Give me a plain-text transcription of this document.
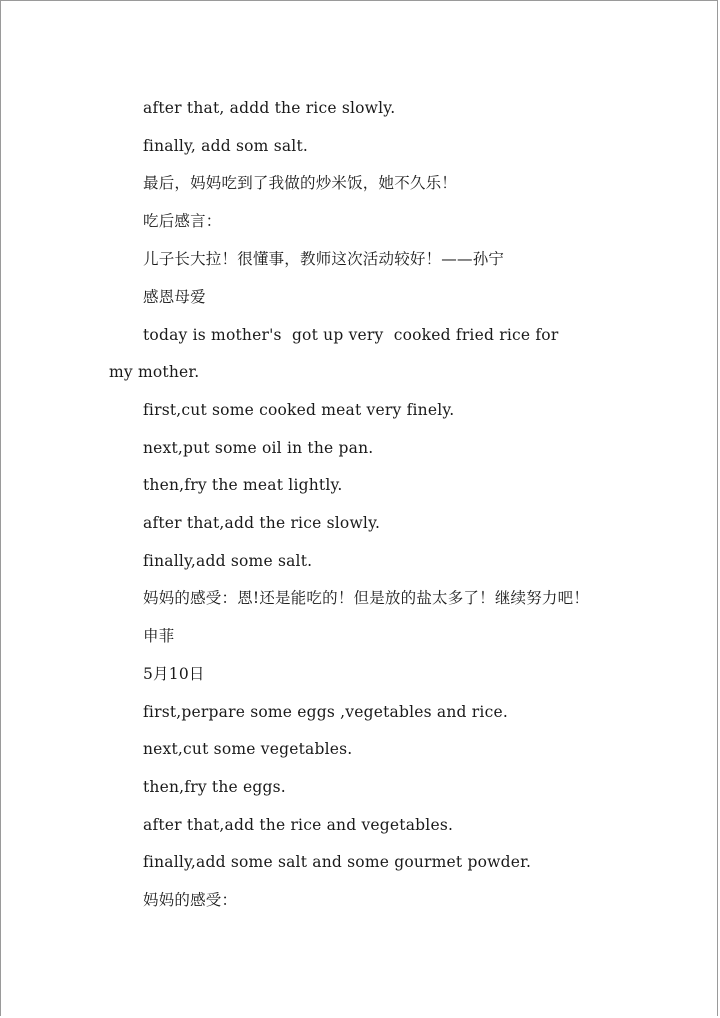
after that, addd the rice slowly.

finally, add som salt.

最后，妈妈吃到了我做的炒米饭，她不久乐！

吃后感言：

儿子长大拉！很懂事，教师这次活动较好！——孙宁

感恩母爱

today is mother's  got up very  cooked fried rice for

my mother.

first,cut some cooked meat very finely.

next,put some oil in the pan.

then,fry the meat lightly.

after that,add the rice slowly.

finally,add some salt.

妈妈的感受：恩!还是能吃的！但是放的盐太多了！继续努力吧！

申菲

5月10日

first,perpare some eggs ,vegetables and rice.

next,cut some vegetables.

then,fry the eggs.

after that,add the rice and vegetables.

finally,add some salt and some gourmet powder.

妈妈的感受：
